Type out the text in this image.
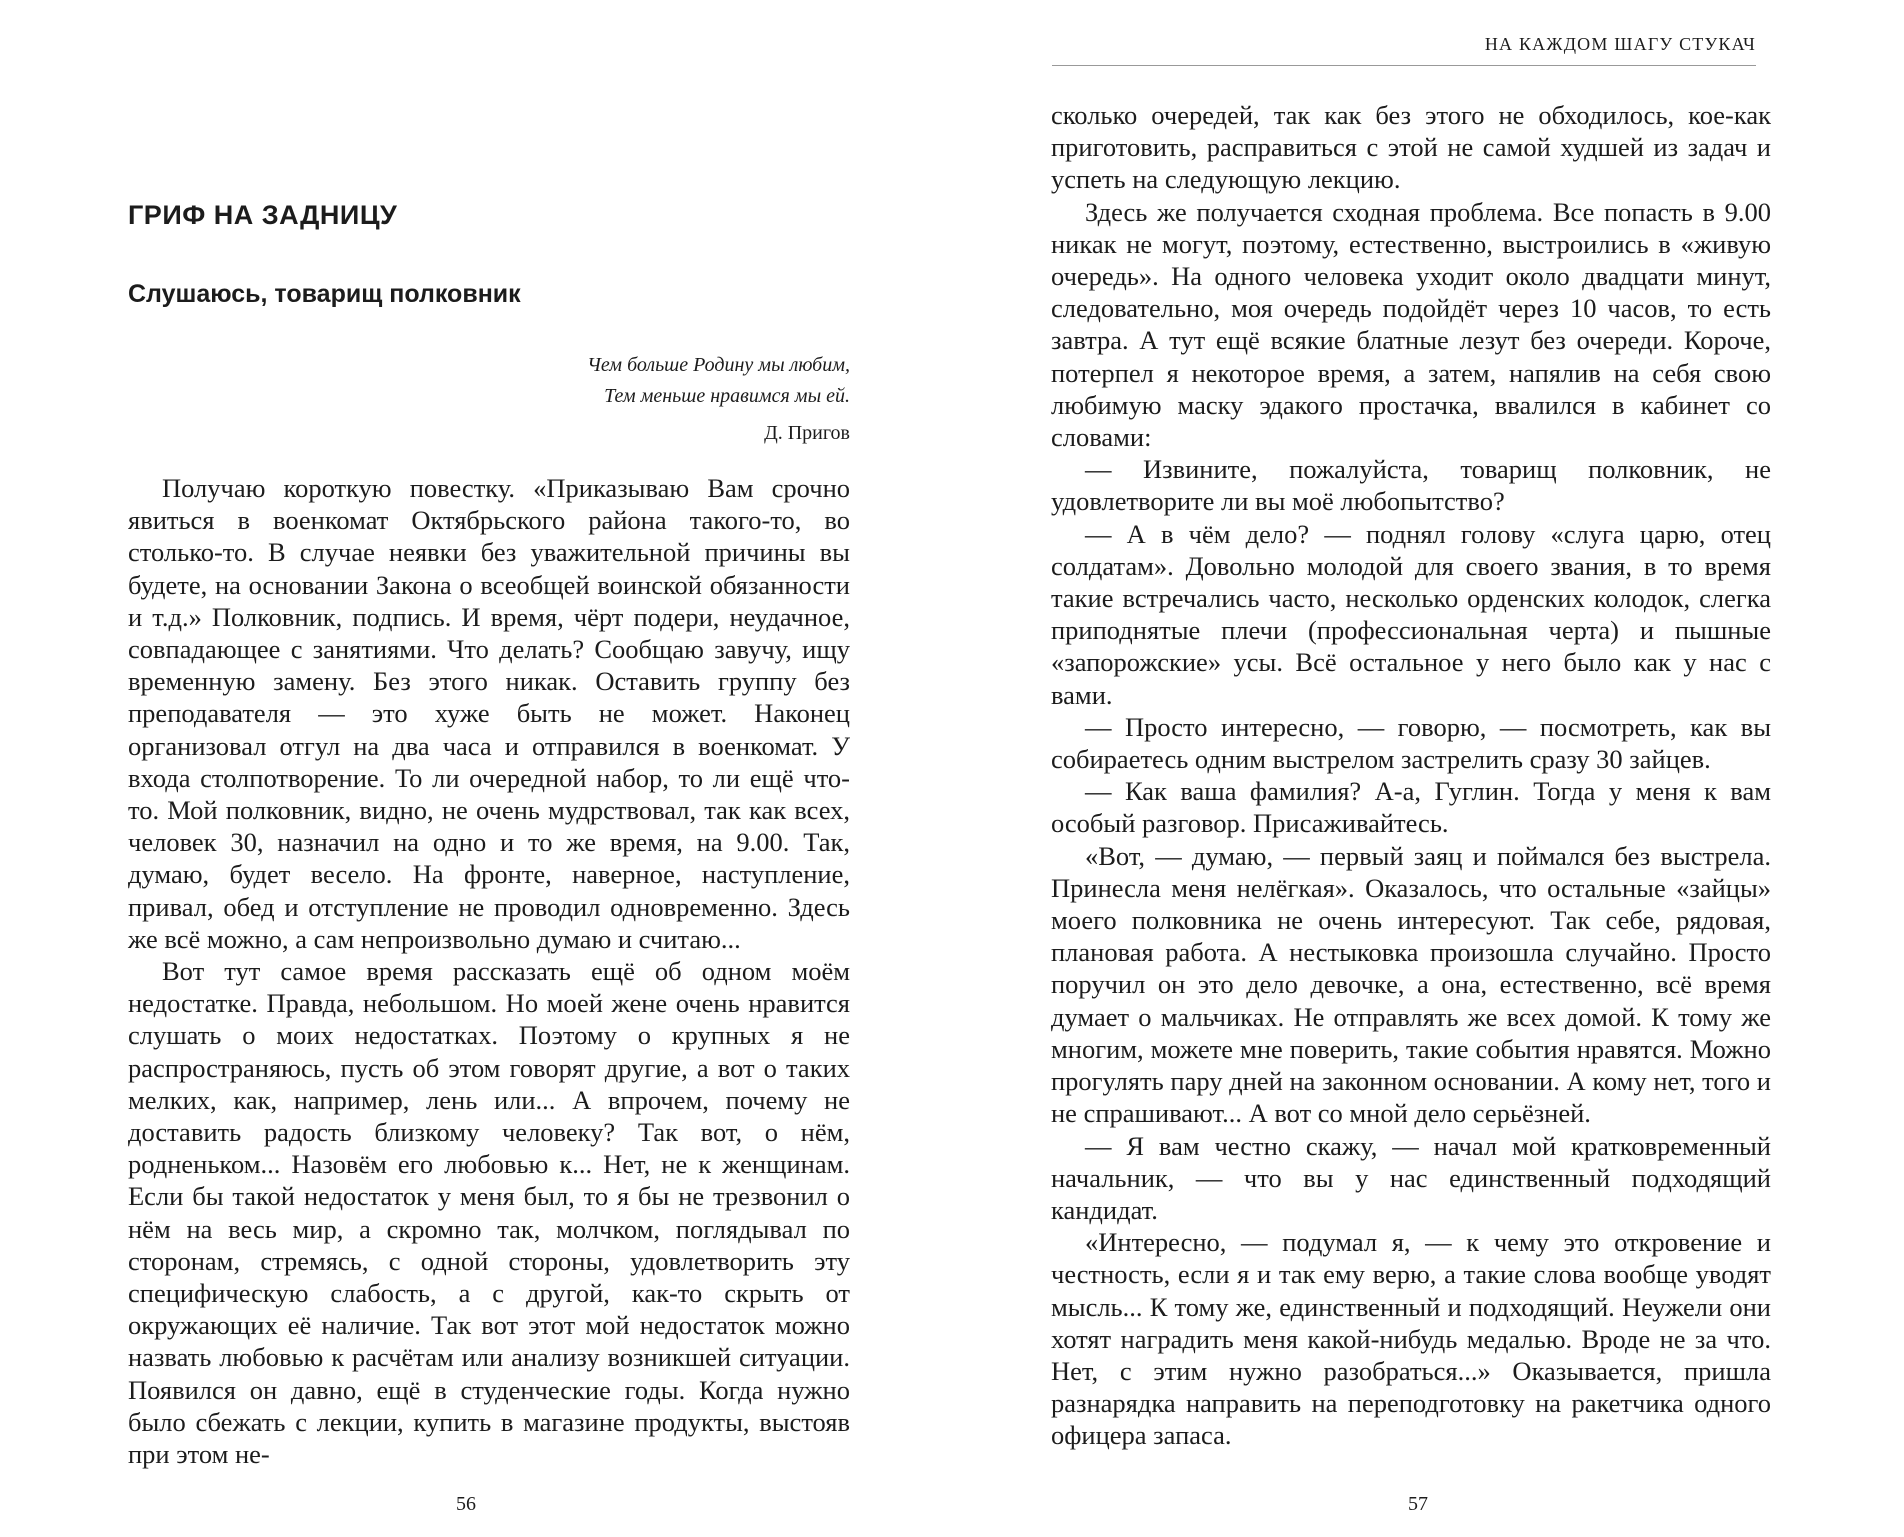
ГРИФ НА ЗАДНИЦУ
Слушаюсь, товарищ полковник
Чем больше Родину мы любим,
Тем меньше нравимся мы ей.
Д. Пригов

Получаю короткую повестку. «Приказываю Вам срочно явиться в военкомат Октябрьского района такого-то, во столько-то. В случае неявки без уважительной причины вы будете, на основании Закона о всеобщей воинской обязанности и т.д.» Полковник, подпись. И время, чёрт подери, неудачное, совпадающее с занятиями. Что делать? Сообщаю завучу, ищу временную замену. Без этого никак. Оставить группу без преподавателя — это хуже быть не может. Наконец организовал отгул на два часа и отправился в военкомат. У входа столпотворение. То ли очередной набор, то ли ещё что-то. Мой полковник, видно, не очень мудрствовал, так как всех, человек 30, назначил на одно и то же время, на 9.00. Так, думаю, будет весело. На фронте, наверное, наступление, привал, обед и отступление не проводил одновременно. Здесь же всё можно, а сам непроизвольно думаю и считаю...

Вот тут самое время рассказать ещё об одном моём недостатке. Правда, небольшом. Но моей жене очень нравится слушать о моих недостатках. Поэтому о крупных я не распространяюсь, пусть об этом говорят другие, а вот о таких мелких, как, например, лень или... А впрочем, почему не доставить радость близкому человеку? Так вот, о нём, родненьком... Назовём его любовью к... Нет, не к женщинам. Если бы такой недостаток у меня был, то я бы не трезвонил о нём на весь мир, а скромно так, молчком, поглядывал по сторонам, стремясь, с одной стороны, удовлетворить эту специфическую слабость, а с другой, как-то скрыть от окружающих её наличие. Так вот этот мой недостаток можно назвать любовью к расчётам или анализу возникшей ситуации. Появился он давно, ещё в студенческие годы. Когда нужно было сбежать с лекции, купить в магазине продукты, выстояв при этом не-

56
НА КАЖДОМ ШАГУ СТУКАЧ

сколько очередей, так как без этого не обходилось, кое-как приготовить, расправиться с этой не самой худшей из задач и успеть на следующую лекцию.

Здесь же получается сходная проблема. Все попасть в 9.00 никак не могут, поэтому, естественно, выстроились в «живую очередь». На одного человека уходит около двадцати минут, следовательно, моя очередь подойдёт через 10 часов, то есть завтра. А тут ещё всякие блатные лезут без очереди. Короче, потерпел я некоторое время, а затем, напялив на себя свою любимую маску эдакого простачка, ввалился в кабинет со словами:

— Извините, пожалуйста, товарищ полковник, не удовлетворите ли вы моё любопытство?

— А в чём дело? — поднял голову «слуга царю, отец солдатам». Довольно молодой для своего звания, в то время такие встречались часто, несколько орденских колодок, слегка приподнятые плечи (профессиональная черта) и пышные «запорожские» усы. Всё остальное у него было как у нас с вами.

— Просто интересно, — говорю, — посмотреть, как вы собираетесь одним выстрелом застрелить сразу 30 зайцев.

— Как ваша фамилия? А-а, Гуглин. Тогда у меня к вам особый разговор. Присаживайтесь.

«Вот, — думаю, — первый заяц и поймался без выстрела. Принесла меня нелёгкая». Оказалось, что остальные «зайцы» моего полковника не очень интересуют. Так себе, рядовая, плановая работа. А нестыковка произошла случайно. Просто поручил он это дело девочке, а она, естественно, всё время думает о мальчиках. Не отправлять же всех домой. К тому же многим, можете мне поверить, такие события нравятся. Можно прогулять пару дней на законном основании. А кому нет, того и не спрашивают... А вот со мной дело серьёзней.

— Я вам честно скажу, — начал мой кратковременный начальник, — что вы у нас единственный подходящий кандидат.

«Интересно, — подумал я, — к чему это откровение и честность, если я и так ему верю, а такие слова вообще уводят мысль... К тому же, единственный и подходящий. Неужели они хотят наградить меня какой-нибудь медалью. Вроде не за что. Нет, с этим нужно разобраться...» Оказывается, пришла разнарядка направить на переподготовку на ракетчика одного офицера запаса.

57
